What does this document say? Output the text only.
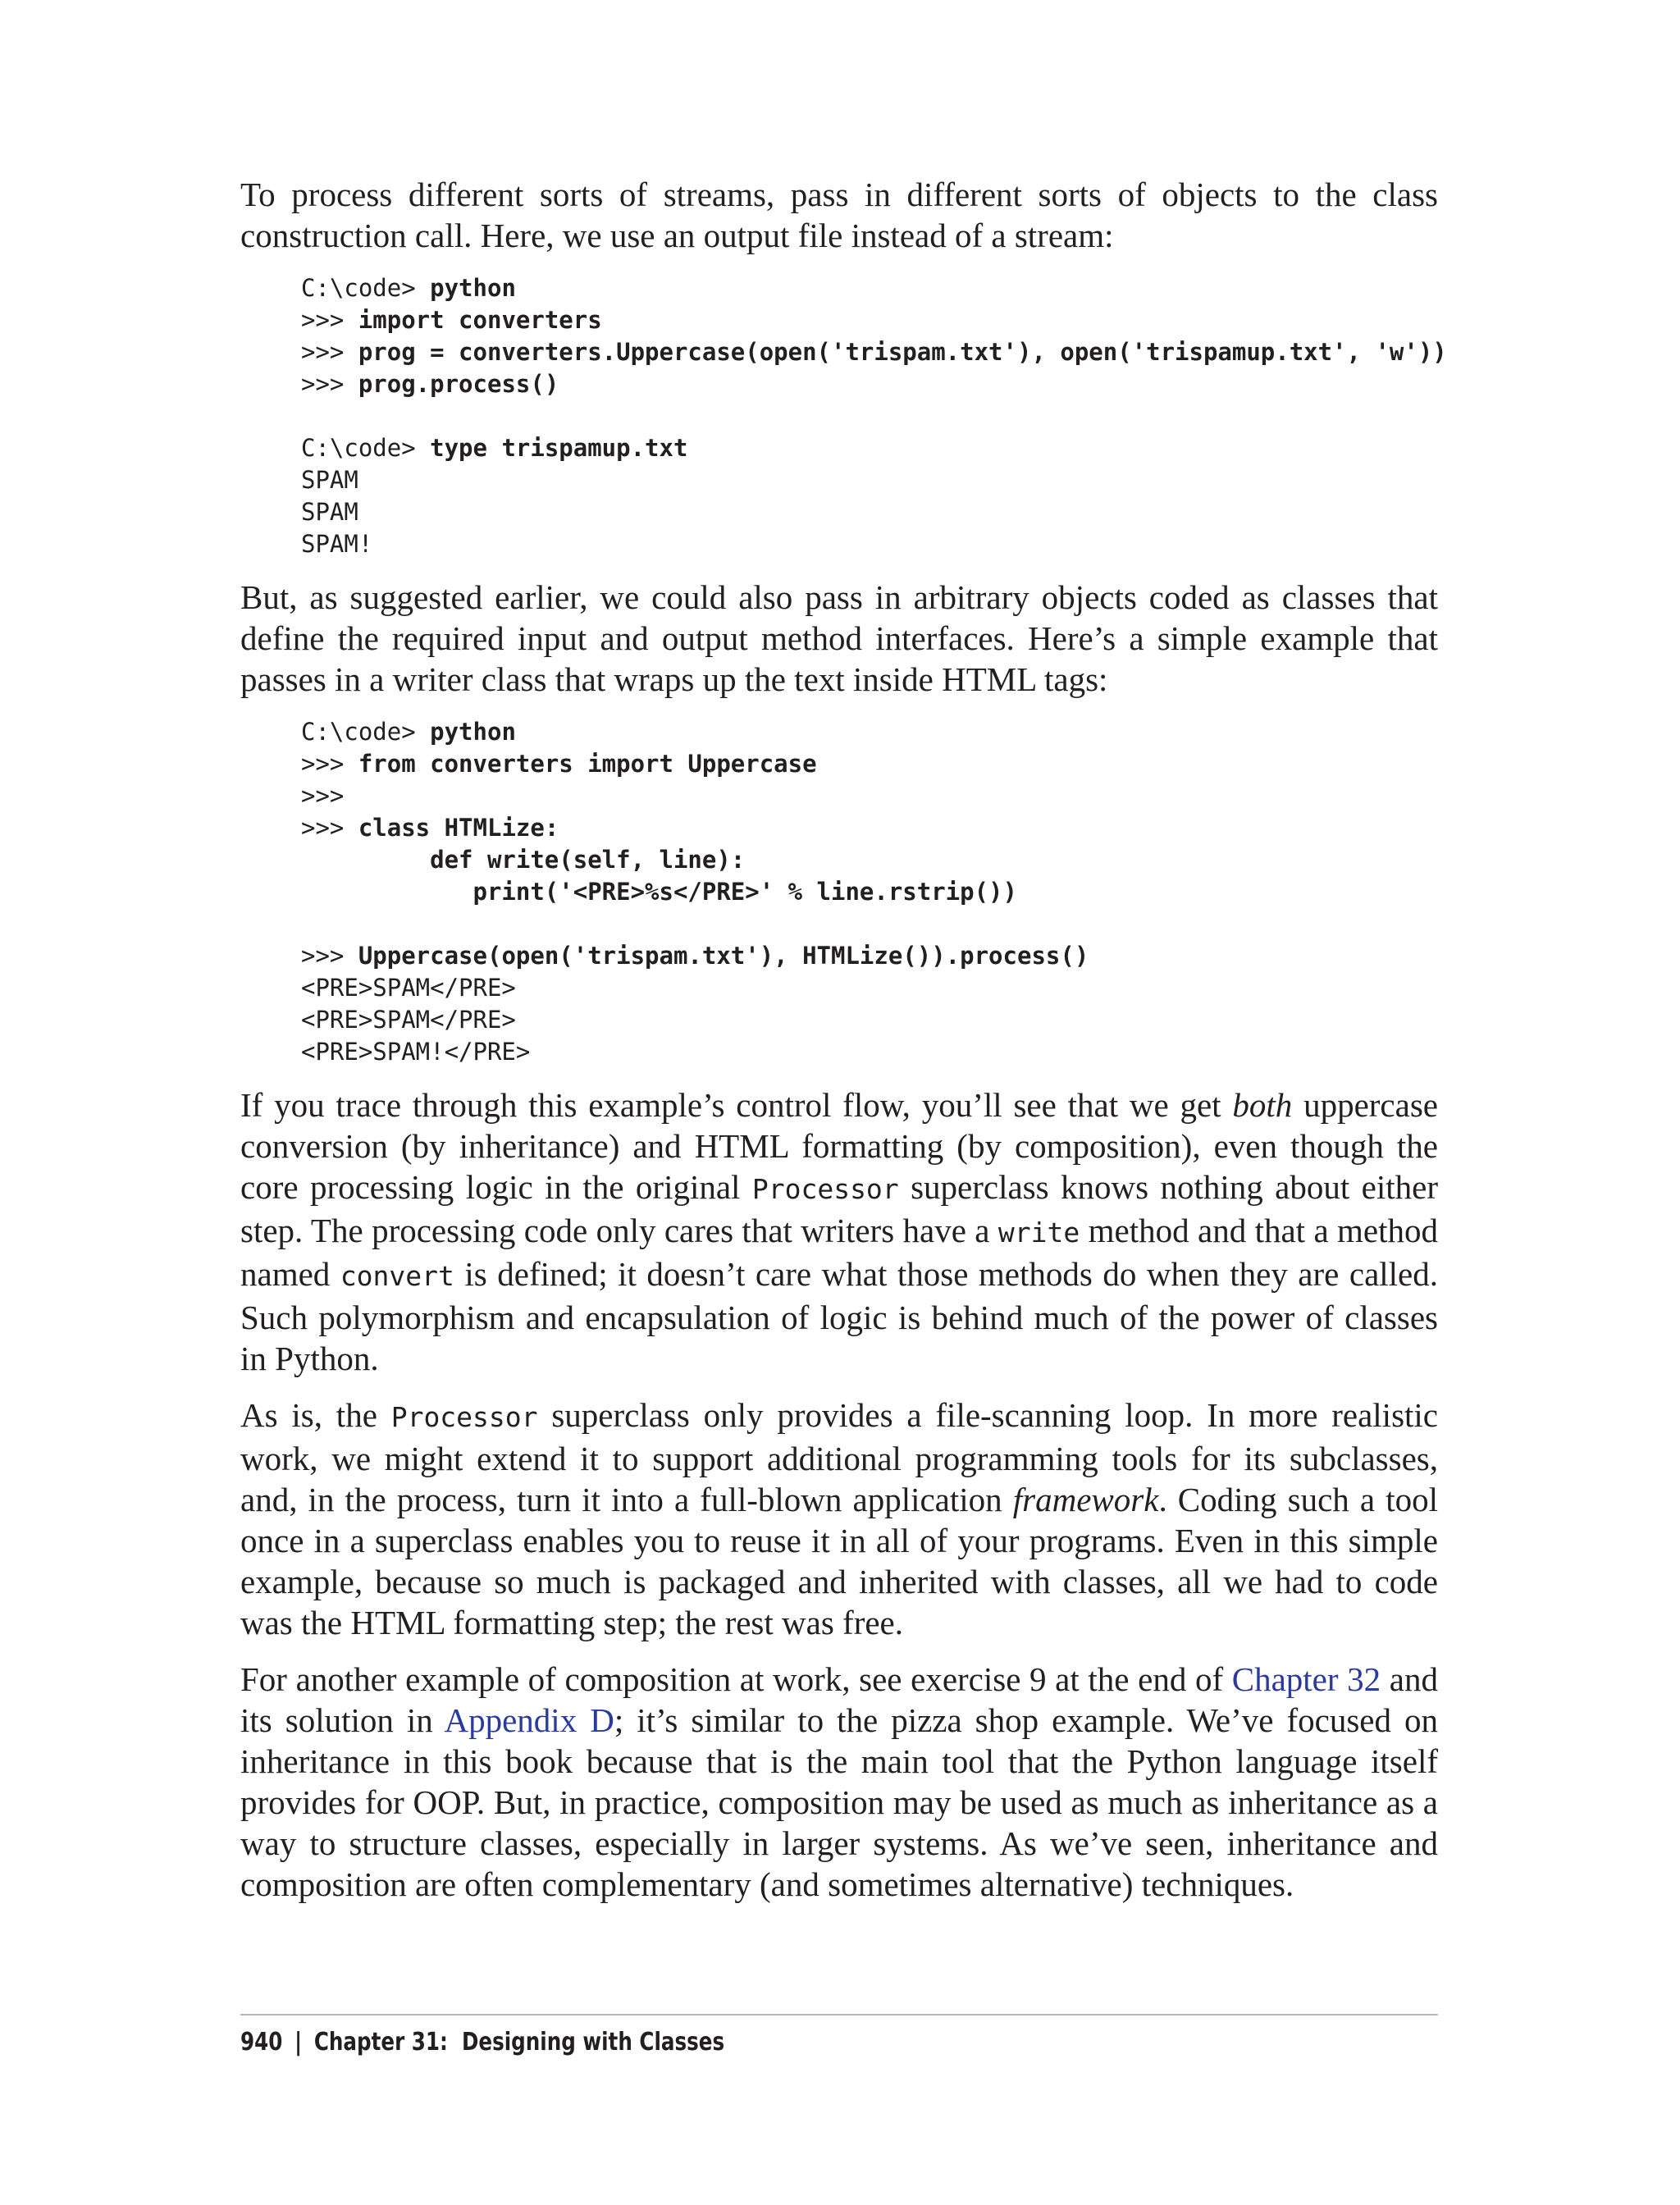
To process different sorts of streams, pass in different sorts of objects to the class construction call. Here, we use an output file instead of a stream:

C:\code> python
>>> import converters
>>> prog = converters.Uppercase(open('trispam.txt'), open('trispamup.txt', 'w'))
>>> prog.process()
C:\code> type trispamup.txt
SPAM
SPAM
SPAM!

But, as suggested earlier, we could also pass in arbitrary objects coded as classes that define the required input and output method interfaces. Here’s a simple example that passes in a writer class that wraps up the text inside HTML tags:

C:\code> python
>>> from converters import Uppercase
>>>
>>> class HTMLize:
def write(self, line):
print('<PRE>%s</PRE>' % line.rstrip())
>>> Uppercase(open('trispam.txt'), HTMLize()).process()
<PRE>SPAM</PRE>
<PRE>SPAM</PRE>
<PRE>SPAM!</PRE>

If you trace through this example’s control flow, you’ll see that we get both uppercase conversion (by inheritance) and HTML formatting (by composition), even though the core processing logic in the original Processor superclass knows nothing about either step. The processing code only cares that writers have a write method and that a method named convert is defined; it doesn’t care what those methods do when they are called. Such polymorphism and encapsulation of logic is behind much of the power of classes in Python.

As is, the Processor superclass only provides a file-scanning loop. In more realistic work, we might extend it to support additional programming tools for its subclasses, and, in the process, turn it into a full-blown application framework. Coding such a tool once in a superclass enables you to reuse it in all of your programs. Even in this simple example, because so much is packaged and inherited with classes, all we had to code was the HTML formatting step; the rest was free.

For another example of composition at work, see exercise 9 at the end of Chapter 32 and its solution in Appendix D; it’s similar to the pizza shop example. We’ve focused on inheritance in this book because that is the main tool that the Python language itself provides for OOP. But, in practice, composition may be used as much as inheritance as a way to structure classes, especially in larger systems. As we’ve seen, inheritance and composition are often complementary (and sometimes alternative) techniques.

940 | Chapter 31:  Designing with Classes
